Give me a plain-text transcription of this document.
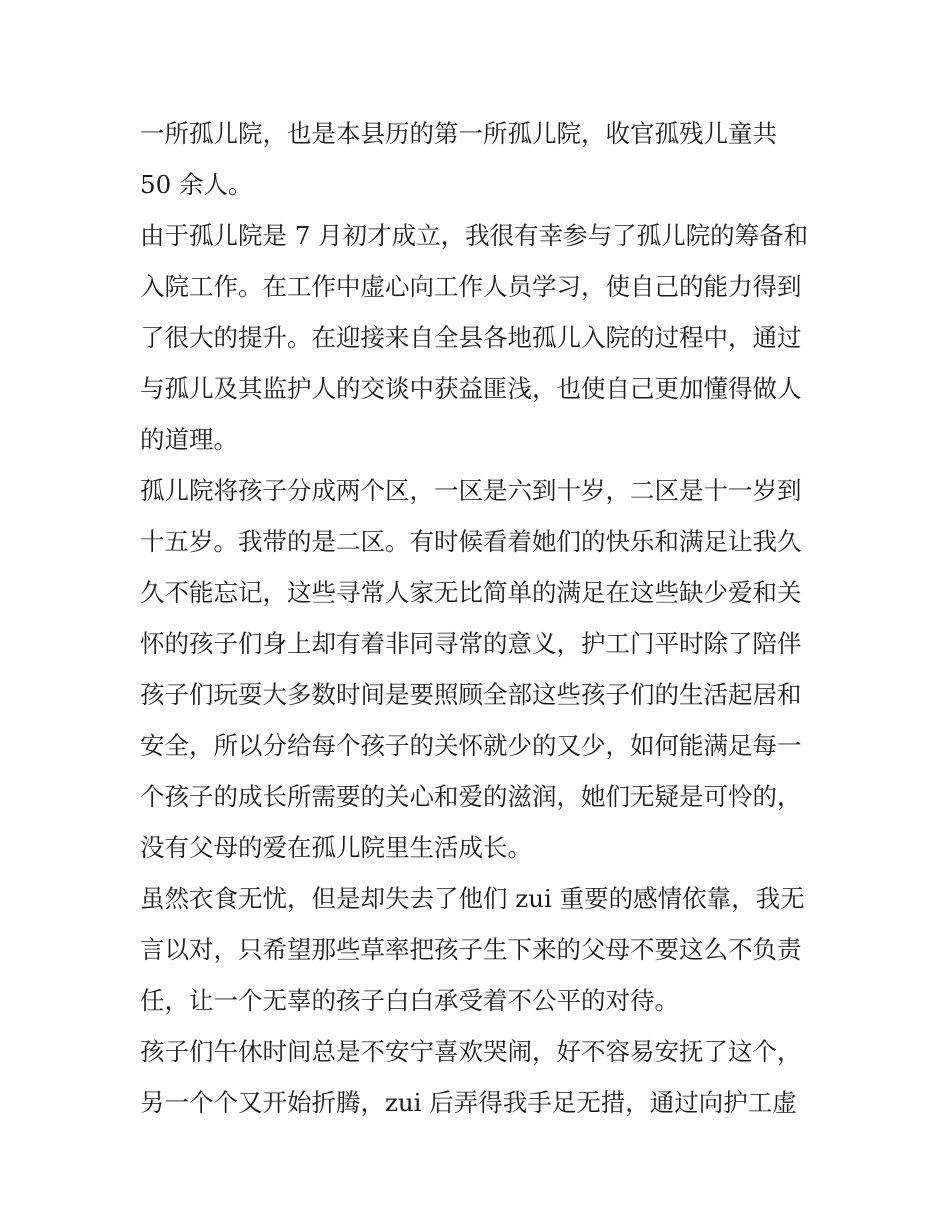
一所孤儿院，也是本县历的第一所孤儿院，收官孤残儿童共
50 余人。
由于孤儿院是 7 月初才成立，我很有幸参与了孤儿院的筹备和
入院工作。在工作中虚心向工作人员学习，使自己的能力得到
了很大的提升。在迎接来自全县各地孤儿入院的过程中，通过
与孤儿及其监护人的交谈中获益匪浅，也使自己更加懂得做人
的道理。
孤儿院将孩子分成两个区，一区是六到十岁，二区是十一岁到
十五岁。我带的是二区。有时候看着她们的快乐和满足让我久
久不能忘记，这些寻常人家无比简单的满足在这些缺少爱和关
怀的孩子们身上却有着非同寻常的意义，护工门平时除了陪伴
孩子们玩耍大多数时间是要照顾全部这些孩子们的生活起居和
安全，所以分给每个孩子的关怀就少的又少，如何能满足每一
个孩子的成长所需要的关心和爱的滋润，她们无疑是可怜的，
没有父母的爱在孤儿院里生活成长。
虽然衣食无忧，但是却失去了他们 zui 重要的感情依靠，我无
言以对，只希望那些草率把孩子生下来的父母不要这么不负责
任，让一个无辜的孩子白白承受着不公平的对待。
孩子们午休时间总是不安宁喜欢哭闹，好不容易安抚了这个，
另一个个又开始折腾，zui 后弄得我手足无措，通过向护工虚
